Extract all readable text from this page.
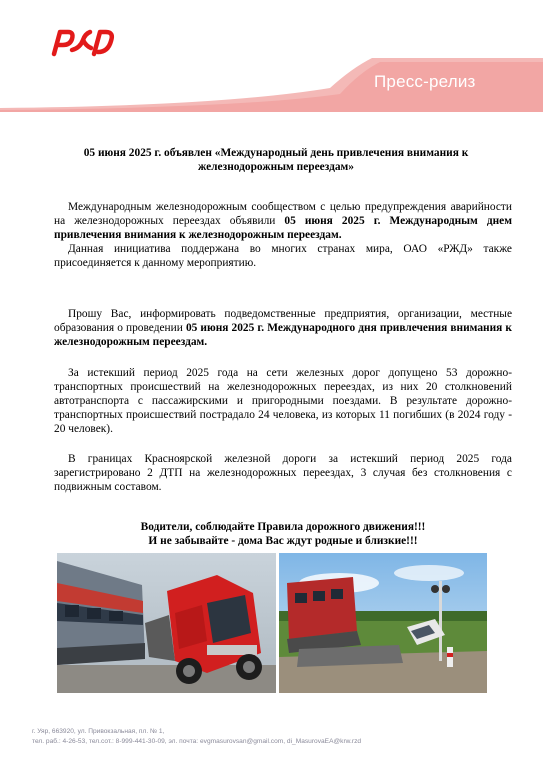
Пресс-релиз
05 июня 2025 г. объявлен «Международный день привлечения внимания к
железнодорожным переездам»

Международным железнодорожным сообществом с целью предупреждения аварийности на железнодорожных переездах объявили 05 июня 2025 г. Международным днем привлечения внимания к железнодорожным переездам.

Данная инициатива поддержана во многих странах мира, ОАО «РЖД» также присоединяется к данному мероприятию.

Прошу Вас, информировать подведомственные предприятия, организации, местные образования о проведении 05 июня 2025 г. Международного дня привлечения внимания к железнодорожным переездам.

За истекший период 2025 года на сети железных дорог допущено 53 дорожно-транспортных происшествий на железнодорожных переездах, из них 20 столкновений автотранспорта с пассажирскими и пригородными поездами. В результате дорожно-транспортных происшествий пострадало 24 человека, из которых 11 погибших (в 2024 году - 20 человек).

В границах Красноярской железной дороги за истекший период 2025 года зарегистрировано 2 ДТП на железнодорожных переездах, 3 случая без столкновения с подвижным составом.

Водители, соблюдайте Правила дорожного движения!!!
И не забывайте - дома Вас ждут родные и близкие!!!
г. Уяр, 663920, ул. Привокзальная, пл. № 1,
тел. раб.: 4-26-53, тел.сот.: 8-999-441-30-09, эл. почта: evgmasurovsan@gmail.com, di_MasurovaEA@krw.rzd
